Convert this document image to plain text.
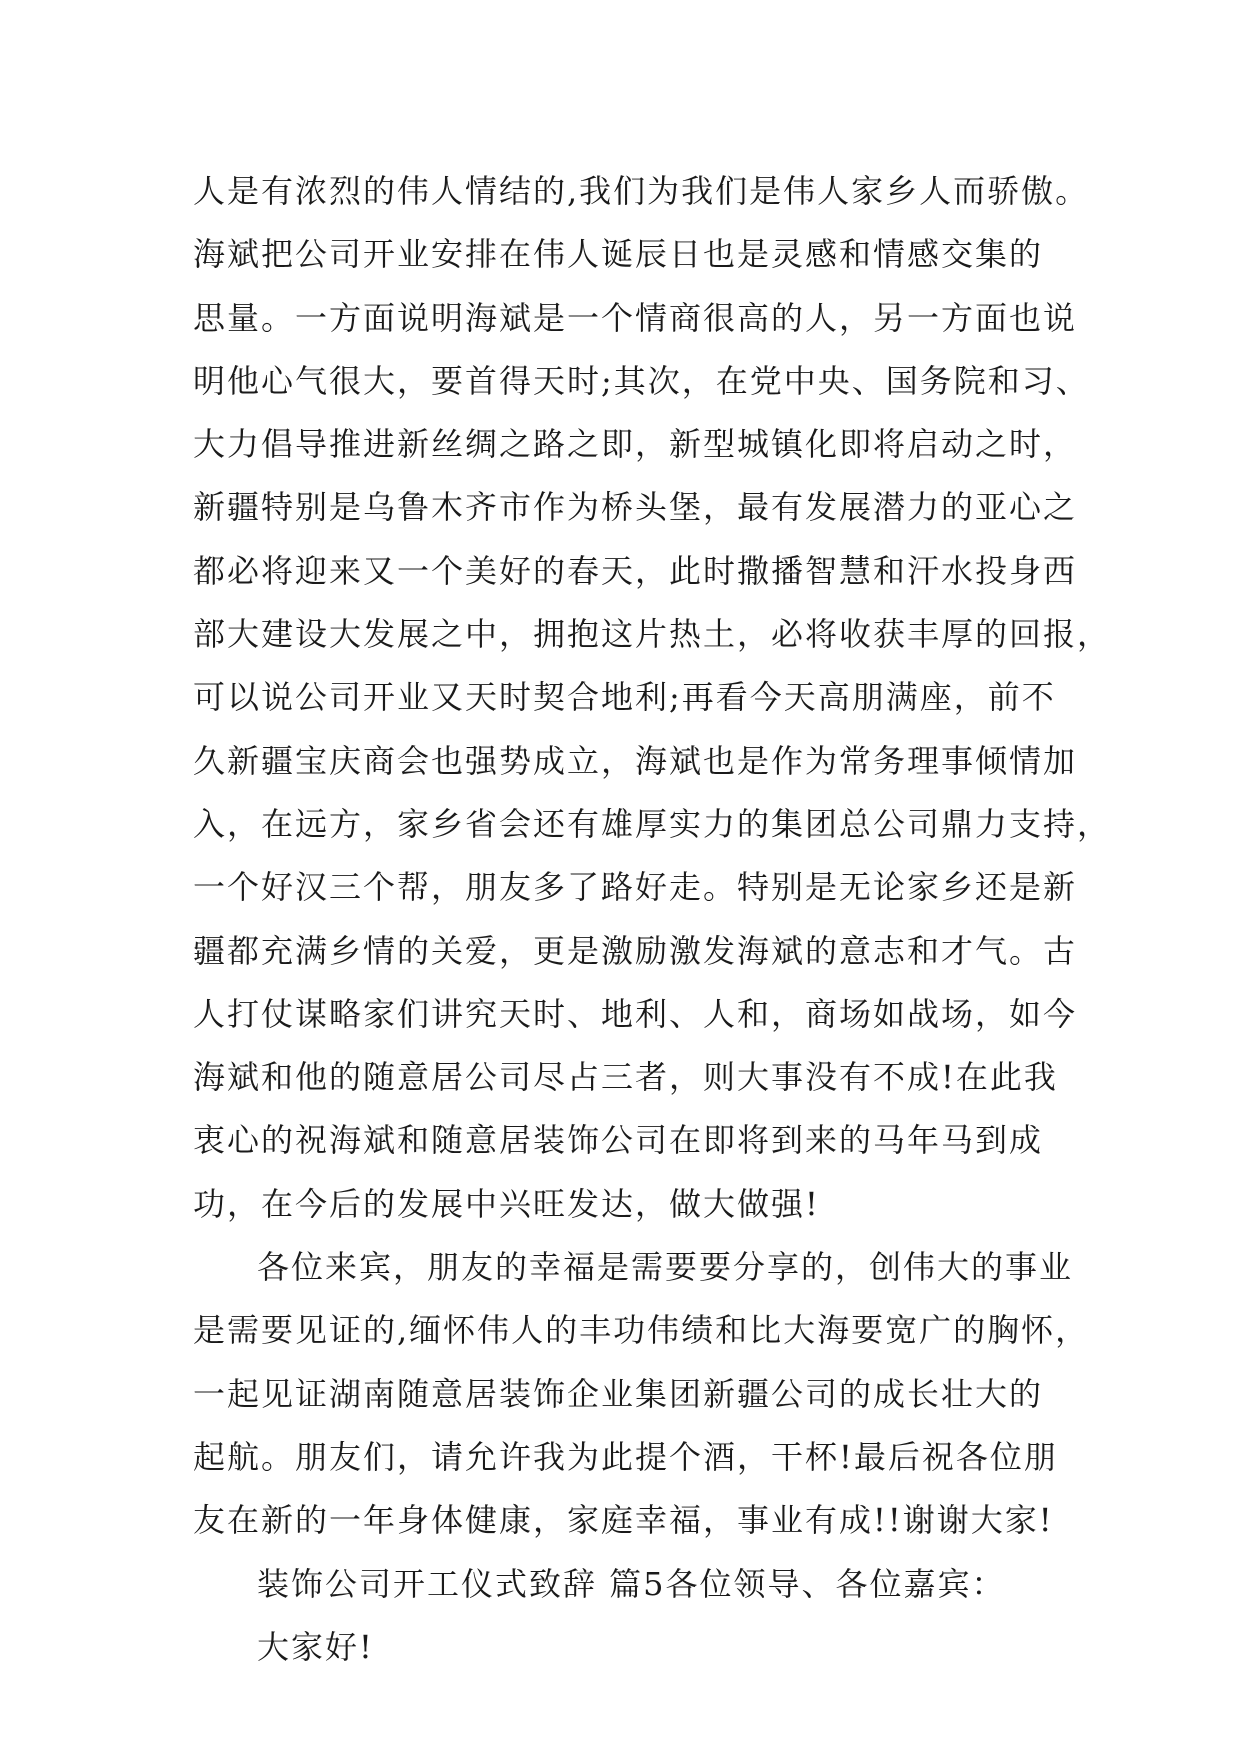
人是有浓烈的伟人情结的,我们为我们是伟人家乡人而骄傲。
海斌把公司开业安排在伟人诞辰日也是灵感和情感交集的
思量。一方面说明海斌是一个情商很高的人，另一方面也说
明他心气很大，要首得天时;其次，在党中央、国务院和习、
大力倡导推进新丝绸之路之即，新型城镇化即将启动之时，
新疆特别是乌鲁木齐市作为桥头堡，最有发展潜力的亚心之
都必将迎来又一个美好的春天，此时撒播智慧和汗水投身西
部大建设大发展之中，拥抱这片热土，必将收获丰厚的回报，
可以说公司开业又天时契合地利;再看今天高朋满座，前不
久新疆宝庆商会也强势成立，海斌也是作为常务理事倾情加
入，在远方，家乡省会还有雄厚实力的集团总公司鼎力支持，
一个好汉三个帮，朋友多了路好走。特别是无论家乡还是新
疆都充满乡情的关爱，更是激励激发海斌的意志和才气。古
人打仗谋略家们讲究天时、地利、人和，商场如战场，如今
海斌和他的随意居公司尽占三者，则大事没有不成!在此我
衷心的祝海斌和随意居装饰公司在即将到来的马年马到成
功，在今后的发展中兴旺发达，做大做强!
各位来宾，朋友的幸福是需要要分享的，创伟大的事业
是需要见证的,缅怀伟人的丰功伟绩和比大海要宽广的胸怀，
一起见证湖南随意居装饰企业集团新疆公司的成长壮大的
起航。朋友们，请允许我为此提个酒，干杯!最后祝各位朋
友在新的一年身体健康，家庭幸福，事业有成!!谢谢大家!
装饰公司开工仪式致辞 篇5各位领导、各位嘉宾：
大家好!
